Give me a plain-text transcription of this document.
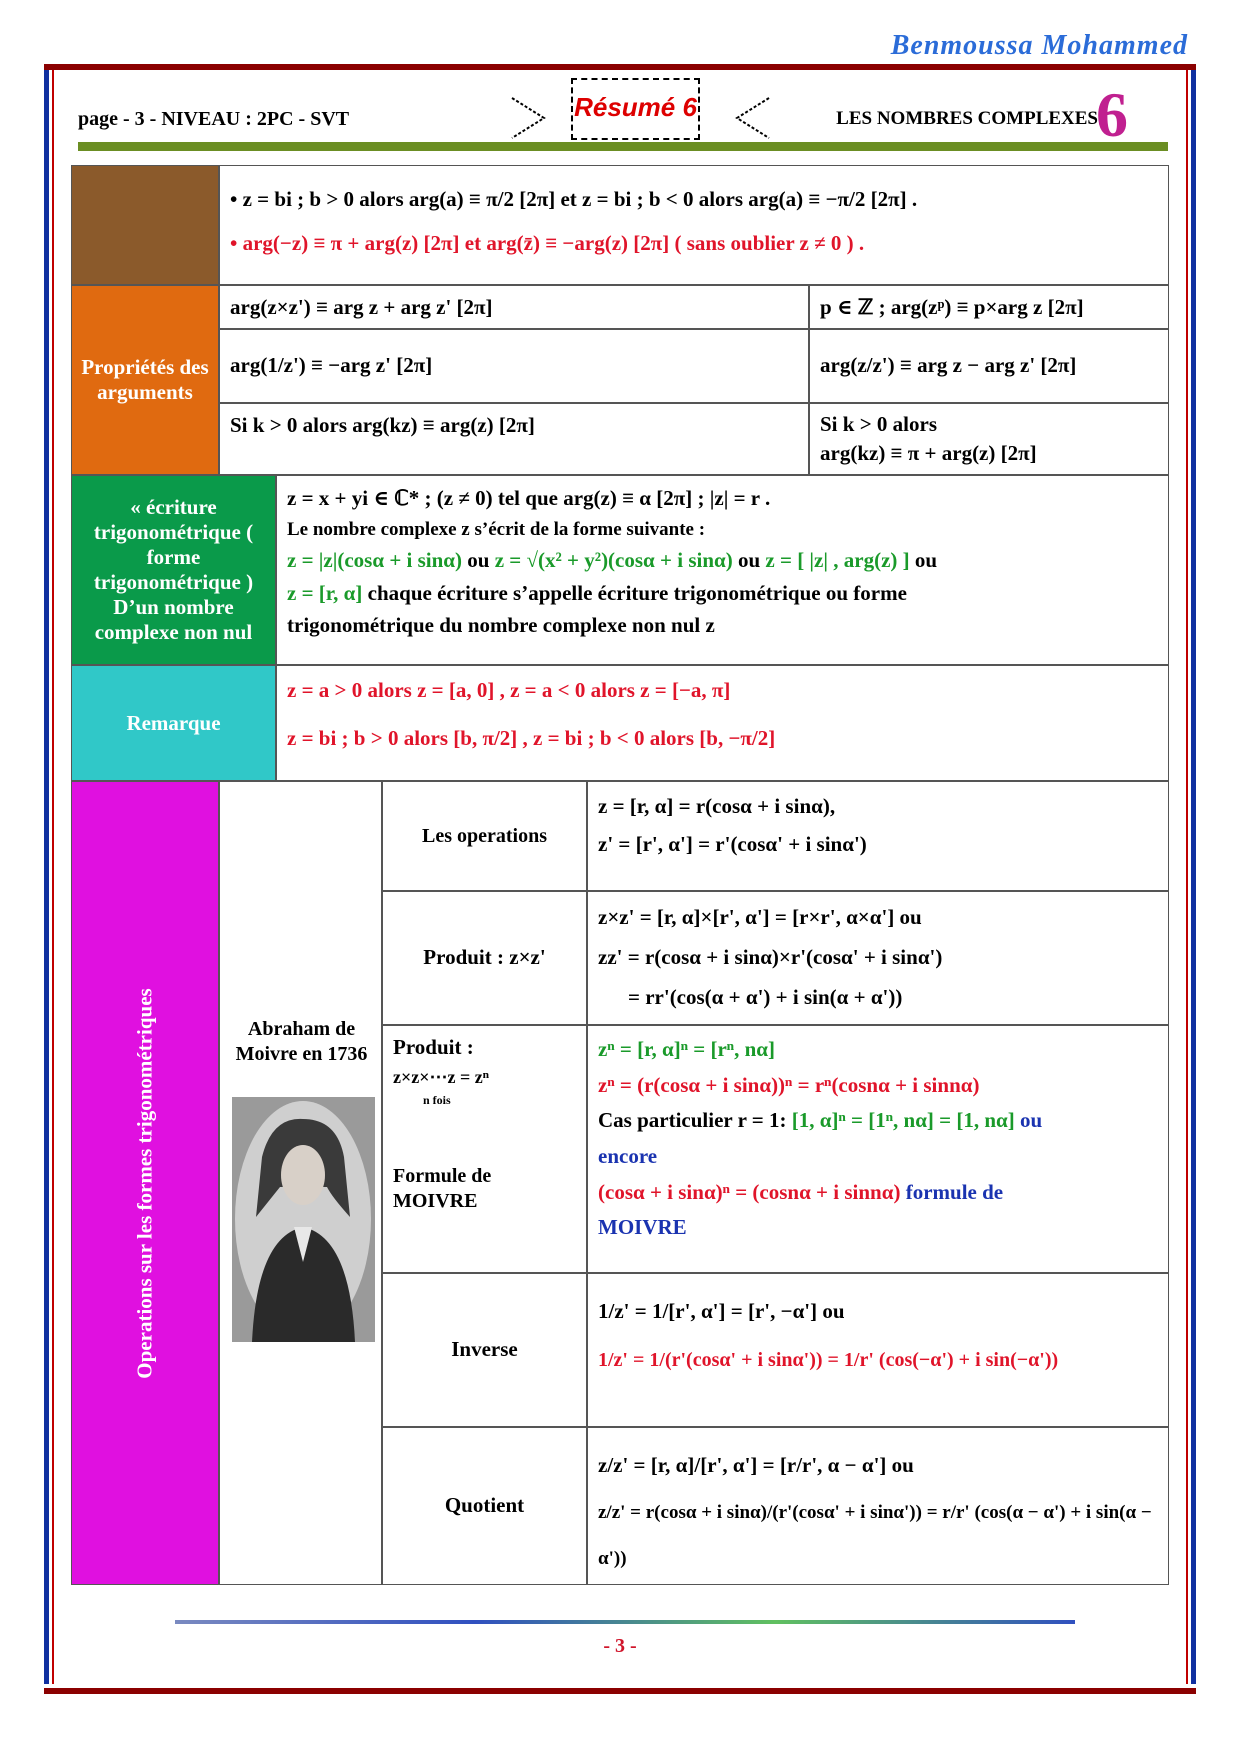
Benmoussa Mohammed
page - 3 - NIVEAU : 2PC - SVT	Résumé 6	LES NOMBRES COMPLEXES
6
• z = bi ; b > 0 alors arg(a) ≡ π/2 [2π] et z = bi ; b < 0 alors arg(a) ≡ −π/2 [2π] .
• arg(−z) ≡ π + arg(z) [2π] et arg(z̄) ≡ −arg(z) [2π] ( sans oublier z ≠ 0 ) .
Propriétés des arguments
arg(z×z') ≡ arg z + arg z' [2π]	p ∈ ℤ ; arg(zᵖ) ≡ p×arg z [2π]
arg(1/z') ≡ −arg z' [2π]	arg(z/z') ≡ arg z − arg z' [2π]
Si k > 0 alors arg(kz) ≡ arg(z) [2π]	Si k > 0 alors
arg(kz) ≡ π + arg(z) [2π]
« écriture trigonométrique ( forme trigonométrique ) D’un nombre complexe non nul
z = x + yi ∈ ℂ* ; (z ≠ 0) tel que arg(z) ≡ α [2π] ; |z| = r .
Le nombre complexe z s’écrit de la forme suivante :
z = |z|(cosα + i sinα) ou z = √(x² + y²)(cosα + i sinα) ou z = [ |z| , arg(z) ] ou
z = [r, α] chaque écriture s’appelle écriture trigonométrique ou forme
trigonométrique du nombre complexe non nul z
Remarque
z = a > 0 alors z = [a, 0] , z = a < 0 alors z = [−a, π]
z = bi ; b > 0 alors [b, π/2] , z = bi ; b < 0 alors [b, −π/2]
Operations sur les formes trigonométriques	Abraham de Moivre en 1736
Les operations
z = [r, α] = r(cosα + i sinα),
z' = [r', α'] = r'(cosα' + i sinα')
Produit : z×z'
z×z' = [r, α]×[r', α'] = [r×r', α×α'] ou
zz' = r(cosα + i sinα)×r'(cosα' + i sinα')
= rr'(cos(α + α') + i sin(α + α'))
Produit :
z×z×⋯z = zⁿ
n fois
Formule de MOIVRE
zⁿ = [r, α]ⁿ = [rⁿ, nα]
zⁿ = (r(cosα + i sinα))ⁿ = rⁿ(cosnα + i sinnα)
Cas particulier r = 1: [1, α]ⁿ = [1ⁿ, nα] = [1, nα] ou
encore
(cosα + i sinα)ⁿ = (cosnα + i sinnα) formule de
MOIVRE
Inverse
1/z' = 1/[r', α'] = [r', −α'] ou
1/z' = 1/(r'(cosα' + i sinα')) = 1/r' (cos(−α') + i sin(−α'))
Quotient
z/z' = [r, α]/[r', α'] = [r/r', α − α'] ou
z/z' = r(cosα + i sinα)/(r'(cosα' + i sinα')) = r/r' (cos(α − α') + i sin(α − α'))
- 3 -
